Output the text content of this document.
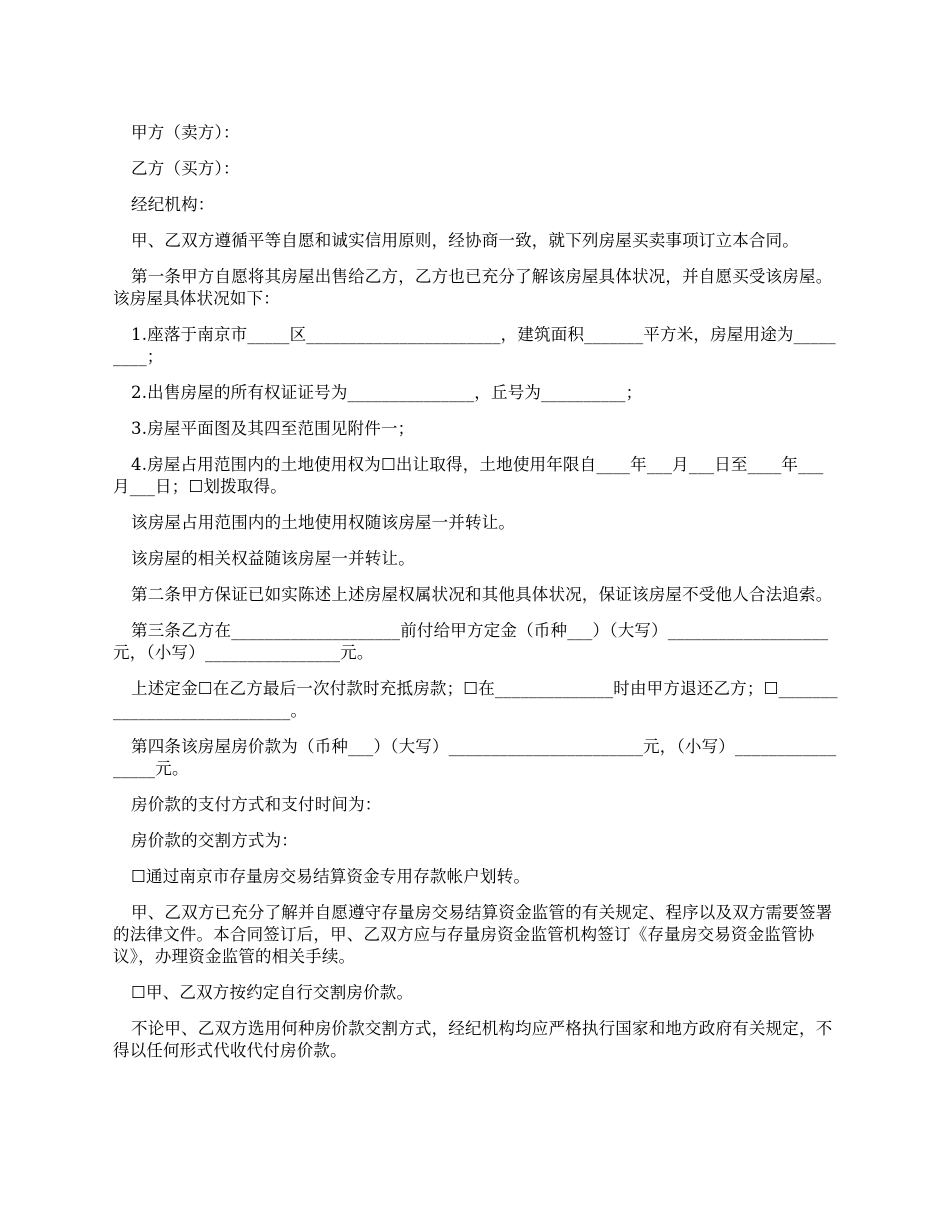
甲方（卖方）：

乙方（买方）：

经纪机构：

甲、乙双方遵循平等自愿和诚实信用原则，经协商一致，就下列房屋买卖事项订立本合同。

第一条甲方自愿将其房屋出售给乙方，乙方也已充分了解该房屋具体状况，并自愿买受该房屋。该房屋具体状况如下：

1.座落于南京市_____区_______________________，建筑面积_______平方米，房屋用途为_________；

2.出售房屋的所有权证证号为_______________，丘号为__________；

3.房屋平面图及其四至范围见附件一；

4.房屋占用范围内的土地使用权为☐出让取得，土地使用年限自____年___月___日至____年___月___日；☐划拨取得。

该房屋占用范围内的土地使用权随该房屋一并转让。

该房屋的相关权益随该房屋一并转让。

第二条甲方保证已如实陈述上述房屋权属状况和其他具体状况，保证该房屋不受他人合法追索。

第三条乙方在____________________前付给甲方定金（币种___）（大写）___________________元，（小写）________________元。

上述定金☐在乙方最后一次付款时充抵房款；☐在______________时由甲方退还乙方；☐____________________________。

第四条该房屋房价款为（币种___）（大写）_______________________元，（小写）_________________元。

房价款的支付方式和支付时间为：

房价款的交割方式为：

☐通过南京市存量房交易结算资金专用存款帐户划转。

甲、乙双方已充分了解并自愿遵守存量房交易结算资金监管的有关规定、程序以及双方需要签署的法律文件。本合同签订后，甲、乙双方应与存量房资金监管机构签订《存量房交易资金监管协议》，办理资金监管的相关手续。

☐甲、乙双方按约定自行交割房价款。

不论甲、乙双方选用何种房价款交割方式，经纪机构均应严格执行国家和地方政府有关规定，不得以任何形式代收代付房价款。
